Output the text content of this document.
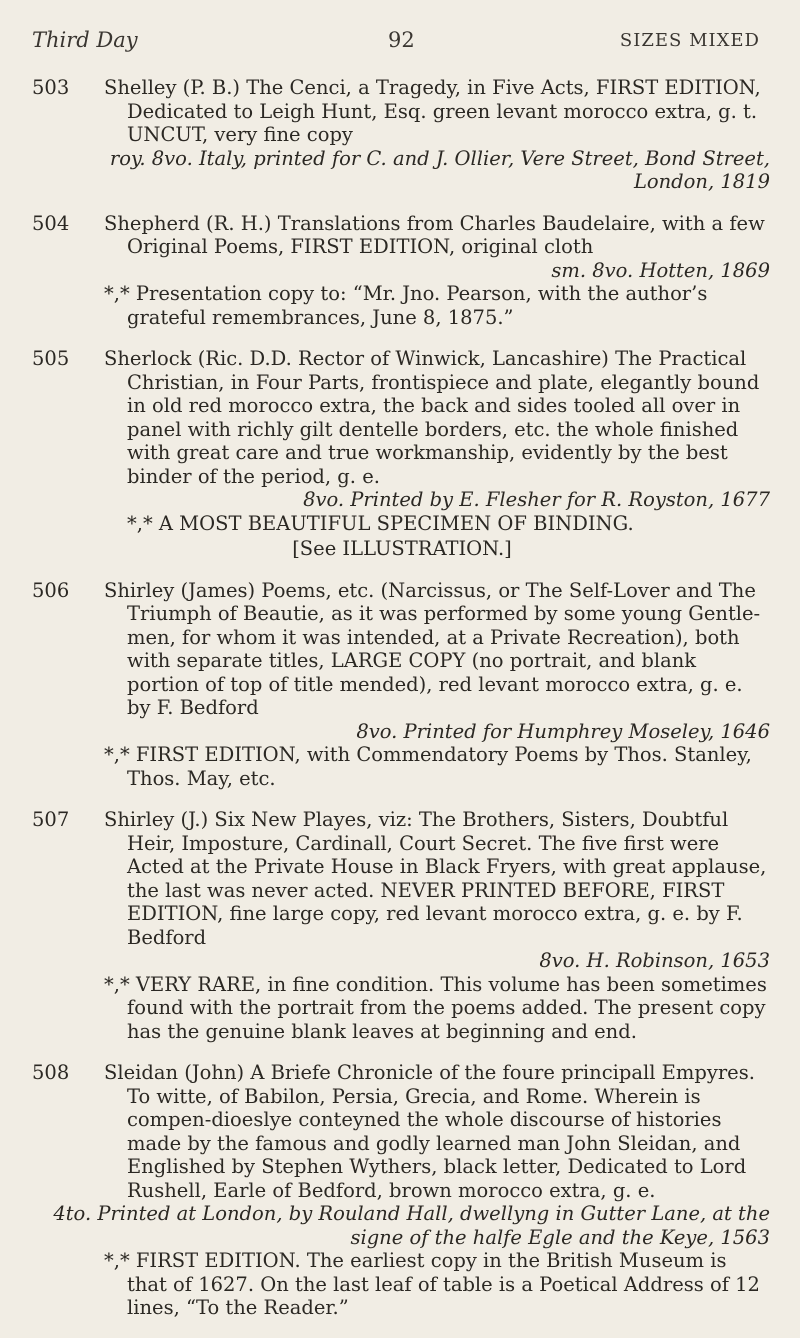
Third Day	92	SIZES MIXED
503	Shelley (P. B.) The Cenci, a Tragedy, in Five Acts, FIRST EDITION, Dedicated to Leigh Hunt, Esq. green levant morocco extra, g. t. UNCUT, very fine copy
roy. 8vo. Italy, printed for C. and J. Ollier, Vere Street, Bond Street, London, 1819
504	Shepherd (R. H.) Translations from Charles Baudelaire, with a few Original Poems, FIRST EDITION, original cloth
sm. 8vo. Hotten, 1869
*,* Presentation copy to: “Mr. Jno. Pearson, with the author’s grateful remembrances, June 8, 1875.”
505	Sherlock (Ric. D.D. Rector of Winwick, Lancashire) The Practical Christian, in Four Parts, frontispiece and plate, elegantly bound in old red morocco extra, the back and sides tooled all over in panel with richly gilt dentelle borders, etc. the whole finished with great care and true workmanship, evidently by the best binder of the period, g. e.
8vo. Printed by E. Flesher for R. Royston, 1677
*,* A MOST BEAUTIFUL SPECIMEN OF BINDING.
[See ILLUSTRATION.]
506	Shirley (James) Poems, etc. (Narcissus, or The Self-Lover and The Triumph of Beautie, as it was performed by some young Gentle-men, for whom it was intended, at a Private Recreation), both with separate titles, LARGE COPY (no portrait, and blank portion of top of title mended), red levant morocco extra, g. e. by F. Bedford
8vo. Printed for Humphrey Moseley, 1646
*,* FIRST EDITION, with Commendatory Poems by Thos. Stanley, Thos. May, etc.
507	Shirley (J.) Six New Playes, viz: The Brothers, Sisters, Doubtful Heir, Imposture, Cardinall, Court Secret. The five first were Acted at the Private House in Black Fryers, with great applause, the last was never acted. NEVER PRINTED BEFORE, FIRST EDITION, fine large copy, red levant morocco extra, g. e. by F. Bedford
8vo. H. Robinson, 1653
*,* VERY RARE, in fine condition. This volume has been sometimes found with the portrait from the poems added. The present copy has the genuine blank leaves at beginning and end.
508	Sleidan (John) A Briefe Chronicle of the foure principall Empyres. To witte, of Babilon, Persia, Grecia, and Rome. Wherein is compen-dioeslye conteyned the whole discourse of histories made by the famous and godly learned man John Sleidan, and Englished by Stephen Wythers, black letter, Dedicated to Lord Rushell, Earle of Bedford, brown morocco extra, g. e.
4to. Printed at London, by Rouland Hall, dwellyng in Gutter Lane, at the signe of the halfe Egle and the Keye, 1563
*,* FIRST EDITION. The earliest copy in the British Museum is that of 1627. On the last leaf of table is a Poetical Address of 12 lines, “To the Reader.”
